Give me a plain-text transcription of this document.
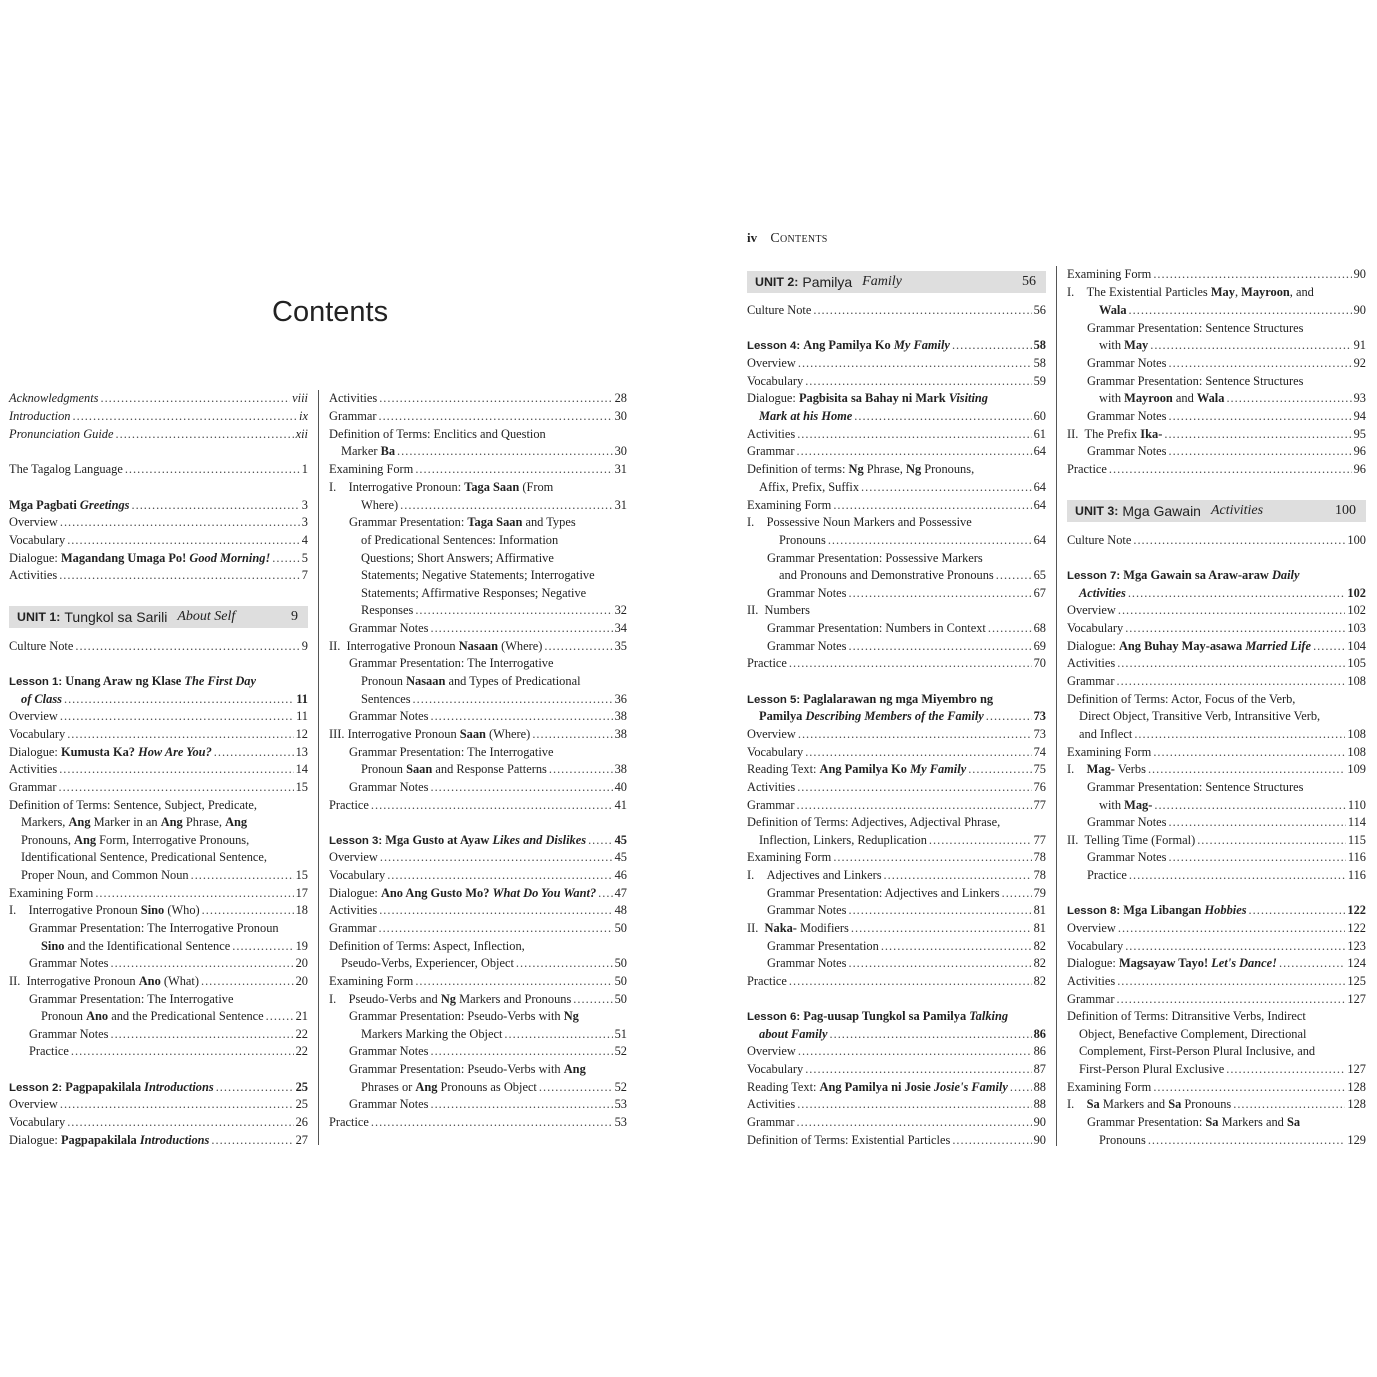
Contents
iv Contents
Acknowledgments .....	viii
Introduction .....	ix
Pronunciation Guide .....	xii
The Tagalog Language .....	1
Mga Pagbati Greetings .....	3
Overview .....	3
Vocabulary .....	4
Dialogue: Magandang Umaga Po! Good Morning! .....	5
Activities .....	7
UNIT 1: Tungkol sa Sarili About Self	9
Culture Note .....	9
Lesson 1: Unang Araw ng Klase The First Day
of Class .....	11
Overview .....	11
Vocabulary .....	12
Dialogue: Kumusta Ka? How Are You? .....	13
Activities .....	14
Grammar .....	15
Definition of Terms: Sentence, Subject, Predicate,
Markers, Ang Marker in an Ang Phrase, Ang
Pronouns, Ang Form, Interrogative Pronouns,
Identificational Sentence, Predicational Sentence,
Proper Noun, and Common Noun .....	15
Examining Form .....	17
I.    Interrogative Pronoun Sino (Who) .....	18
Grammar Presentation: The Interrogative Pronoun
Sino and the Identificational Sentence .....	19
Grammar Notes .....	20
II.  Interrogative Pronoun Ano (What) .....	20
Grammar Presentation: The Interrogative
Pronoun Ano and the Predicational Sentence .....	21
Grammar Notes .....	22
Practice .....	22
Lesson 2: Pagpapakilala Introductions .....	25
Overview .....	25
Vocabulary .....	26
Dialogue: Pagpapakilala Introductions .....	27
Activities .....	28
Grammar .....	30
Definition of Terms: Enclitics and Question
Marker Ba .....	30
Examining Form .....	31
I.    Interrogative Pronoun: Taga Saan (From
Where) .....	31
Grammar Presentation: Taga Saan and Types
of Predicational Sentences: Information
Questions; Short Answers; Affirmative
Statements; Negative Statements; Interrogative
Statements; Affirmative Responses; Negative
Responses .....	32
Grammar Notes .....	34
II.  Interrogative Pronoun Nasaan (Where) .....	35
Grammar Presentation: The Interrogative
Pronoun Nasaan and Types of Predicational
Sentences .....	36
Grammar Notes .....	38
III. Interrogative Pronoun Saan (Where) .....	38
Grammar Presentation: The Interrogative
Pronoun Saan and Response Patterns .....	38
Grammar Notes .....	40
Practice .....	41
Lesson 3: Mga Gusto at Ayaw Likes and Dislikes ..... 45
Overview .....	45
Vocabulary .....	46
Dialogue: Ano Ang Gusto Mo? What Do You Want? ..... 47
Activities .....	48
Grammar .....	50
Definition of Terms: Aspect, Inflection,
Pseudo-Verbs, Experiencer, Object .....	50
Examining Form .....	50
I.    Pseudo-Verbs and Ng Markers and Pronouns .....	50
Grammar Presentation: Pseudo-Verbs with Ng
Markers Marking the Object .....	51
Grammar Notes .....	52
Grammar Presentation: Pseudo-Verbs with Ang
Phrases or Ang Pronouns as Object .....	52
Grammar Notes .....	53
Practice .....	53
UNIT 2: Pamilya Family	56
Culture Note .....	56
Lesson 4: Ang Pamilya Ko My Family .....	58
Overview .....	58
Vocabulary .....	59
Dialogue: Pagbisita sa Bahay ni Mark Visiting
Mark at his Home .....	60
Activities .....	61
Grammar .....	64
Definition of terms: Ng Phrase, Ng Pronouns,
Affix, Prefix, Suffix .....	64
Examining Form .....	64
I.    Possessive Noun Markers and Possessive
Pronouns .....	64
Grammar Presentation: Possessive Markers
and Pronouns and Demonstrative Pronouns .....	65
Grammar Notes .....	67
II.  Numbers
Grammar Presentation: Numbers in Context .....	68
Grammar Notes .....	69
Practice .....	70
Lesson 5: Paglalarawan ng mga Miyembro ng
Pamilya Describing Members of the Family .....	73
Overview .....	73
Vocabulary .....	74
Reading Text: Ang Pamilya Ko My Family .....	75
Activities .....	76
Grammar .....	77
Definition of Terms: Adjectives, Adjectival Phrase,
Inflection, Linkers, Reduplication .....	77
Examining Form .....	78
I.    Adjectives and Linkers .....	78
Grammar Presentation: Adjectives and Linkers .....	79
Grammar Notes .....	81
II.  Naka- Modifiers .....	81
Grammar Presentation .....	82
Grammar Notes .....	82
Practice .....	82
Lesson 6: Pag-uusap Tungkol sa Pamilya Talking
about Family .....	86
Overview .....	86
Vocabulary .....	87
Reading Text: Ang Pamilya ni Josie Josie's Family ..... 88
Activities .....	88
Grammar .....	90
Definition of Terms: Existential Particles .....	90
Examining Form .....	90
I.    The Existential Particles May, Mayroon, and
Wala .....	90
Grammar Presentation: Sentence Structures
with May .....	91
Grammar Notes .....	92
Grammar Presentation: Sentence Structures
with Mayroon and Wala .....	93
Grammar Notes .....	94
II.  The Prefix Ika- .....	95
Grammar Notes .....	96
Practice .....	96
UNIT 3: Mga Gawain Activities	100
Culture Note .....	100
Lesson 7: Mga Gawain sa Araw-araw Daily
Activities .....	102
Overview .....	102
Vocabulary .....	103
Dialogue: Ang Buhay May-asawa Married Life .....	104
Activities .....	105
Grammar .....	108
Definition of Terms: Actor, Focus of the Verb,
Direct Object, Transitive Verb, Intransitive Verb,
and Inflect .....	108
Examining Form .....	108
I.    Mag- Verbs .....	109
Grammar Presentation: Sentence Structures
with Mag- .....	110
Grammar Notes .....	114
II.  Telling Time (Formal) .....	115
Grammar Notes .....	116
Practice .....	116
Lesson 8: Mga Libangan Hobbies .....	122
Overview .....	122
Vocabulary .....	123
Dialogue: Magsayaw Tayo! Let's Dance! .....	124
Activities .....	125
Grammar .....	127
Definition of Terms: Ditransitive Verbs, Indirect
Object, Benefactive Complement, Directional
Complement, First-Person Plural Inclusive, and
First-Person Plural Exclusive .....	127
Examining Form .....	128
I.    Sa Markers and Sa Pronouns .....	128
Grammar Presentation: Sa Markers and Sa
Pronouns .....	129
